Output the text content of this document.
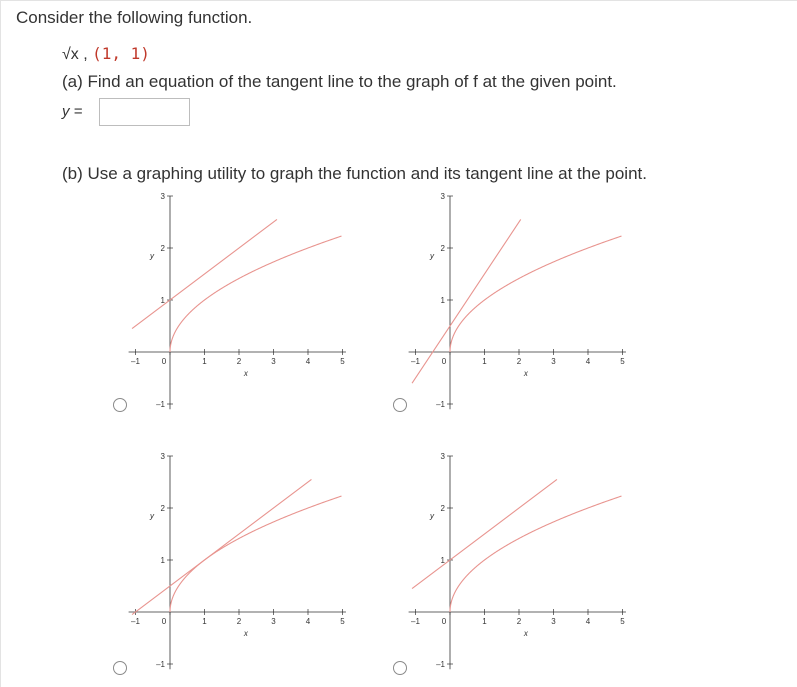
Consider the following function.
√x , (1, 1)
(a) Find an equation of the tangent line to the graph of f at the given point.
y =
(b) Use a graphing utility to graph the function and its tangent line at the point.
–1	0	1	2	3	4	5
3
2
1
–1
x
y
–1	0	1	2	3	4	5
3
2
1
–1
x
y
–1	0	1	2	3	4	5
3
2
1
–1
x
y
–1	0	1	2	3	4	5
3
2
1
–1
x
y
